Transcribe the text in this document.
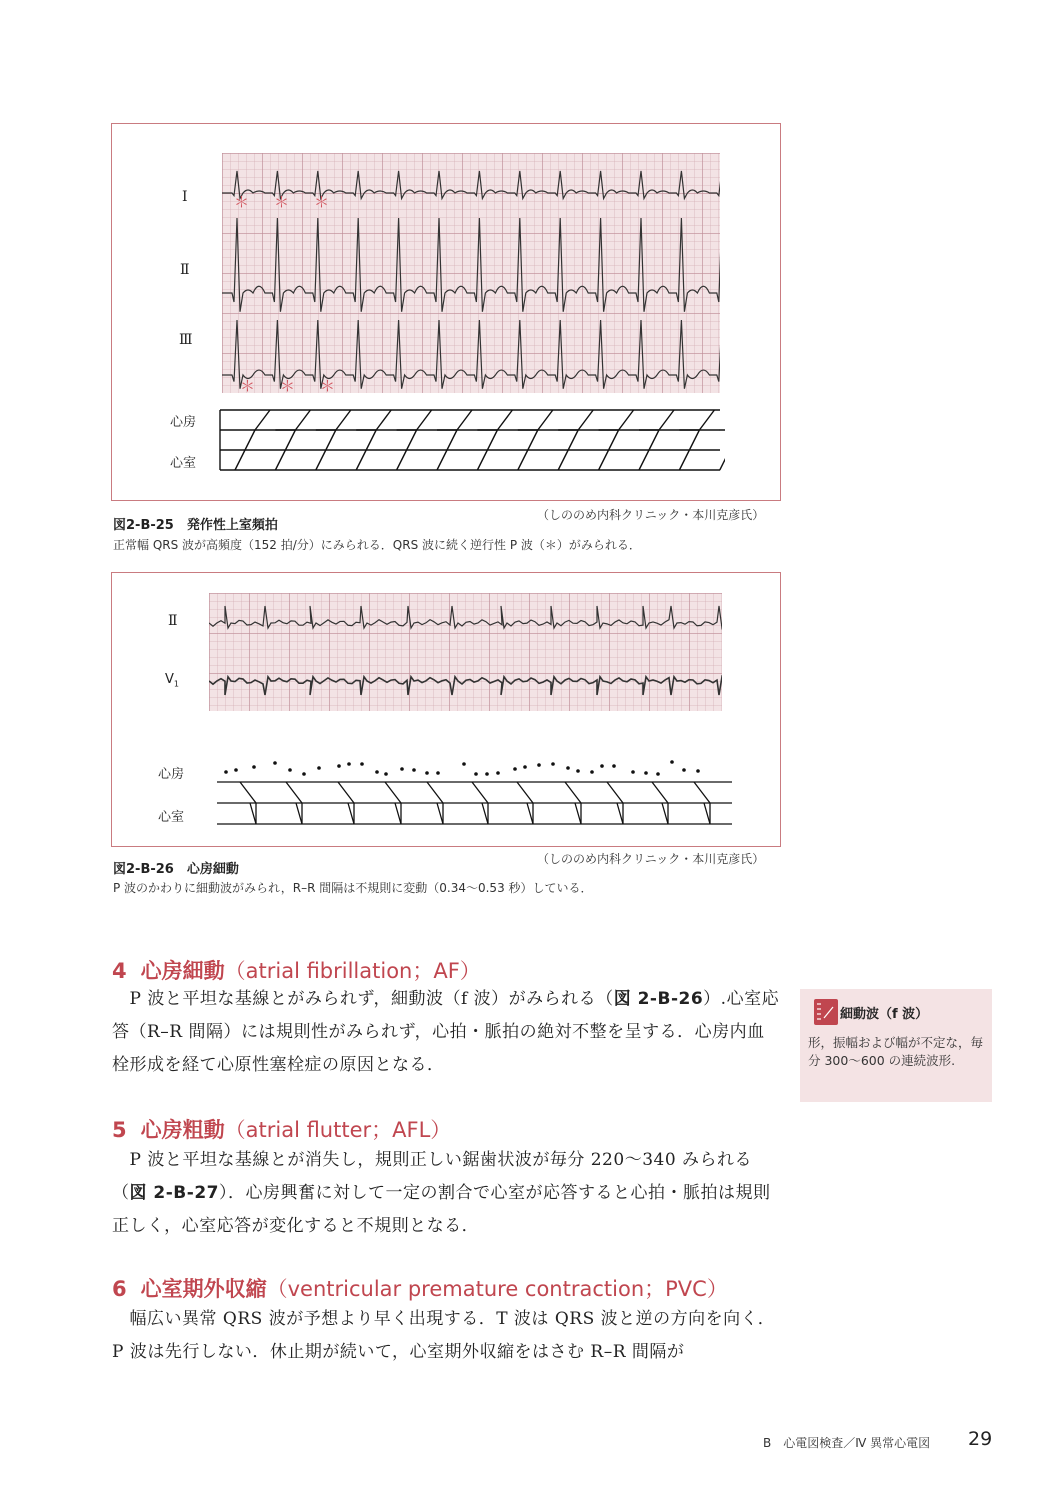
Ⅰ
Ⅱ
Ⅲ
＊ ＊ ＊
＊ ＊ ＊
心房
心室
図2-B-25　発作性上室頻拍
（しののめ内科クリニック・本川克彦氏）
正常幅 QRS 波が高頻度（152 拍/分）にみられる．QRS 波に続く逆行性 P 波（＊）がみられる．
Ⅱ
$V_1$
心房
心室
図2-B-26　心房細動
（しののめ内科クリニック・本川克彦氏）
P 波のかわりに細動波がみられ，R–R 間隔は不規則に変動（0.34～0.53 秒）している．
4 心房細動（atrial fibrillation；AF）
　P 波と平坦な基線とがみられず，細動波（f 波）がみられる（図 2-B-26）.心室応答（R–R 間隔）には規則性がみられず，心拍・脈拍の絶対不整を呈する．心房内血栓形成を経て心原性塞栓症の原因となる．
細動波（f 波）
形，振幅および幅が不定な，毎分 300～600 の連続波形.
5 心房粗動（atrial flutter；AFL）
　P 波と平坦な基線とが消失し，規則正しい鋸歯状波が毎分 220～340 みられる（図 2-B-27）．心房興奮に対して一定の割合で心室が応答すると心拍・脈拍は規則正しく，心室応答が変化すると不規則となる．
6 心室期外収縮（ventricular premature contraction；PVC）
　幅広い異常 QRS 波が予想より早く出現する．T 波は QRS 波と逆の方向を向く．P 波は先行しない．休止期が続いて，心室期外収縮をはさむ R–R 間隔が
B　心電図検査／Ⅳ 異常心電図 29
